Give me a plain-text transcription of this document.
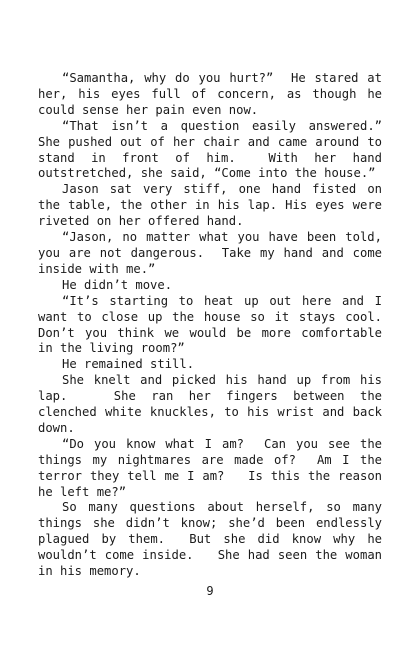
“Samantha, why do you hurt?”  He stared at her, his eyes full of concern, as though he could sense her pain even now.

“That isn’t a question easily answered.” She pushed out of her chair and came around to stand in front of him.  With her hand outstretched, she said, “Come into the house.”

Jason sat very stiff, one hand fisted on the table, the other in his lap. His eyes were riveted on her offered hand.

“Jason, no matter what you have been told, you are not dangerous.  Take my hand and come inside with me.”

He didn’t move.

“It’s starting to heat up out here and I want to close up the house so it stays cool. Don’t you think we would be more comfortable in the living room?”

He remained still.

She knelt and picked his hand up from his lap.   She ran her fingers between the clenched white knuckles, to his wrist and back down.

“Do you know what I am?  Can you see the things my nightmares are made of?  Am I the terror they tell me I am?   Is this the reason he left me?”

So many questions about herself, so many things she didn’t know; she’d been endlessly plagued by them.  But she did know why he wouldn’t come inside.   She had seen the woman in his memory.

9
